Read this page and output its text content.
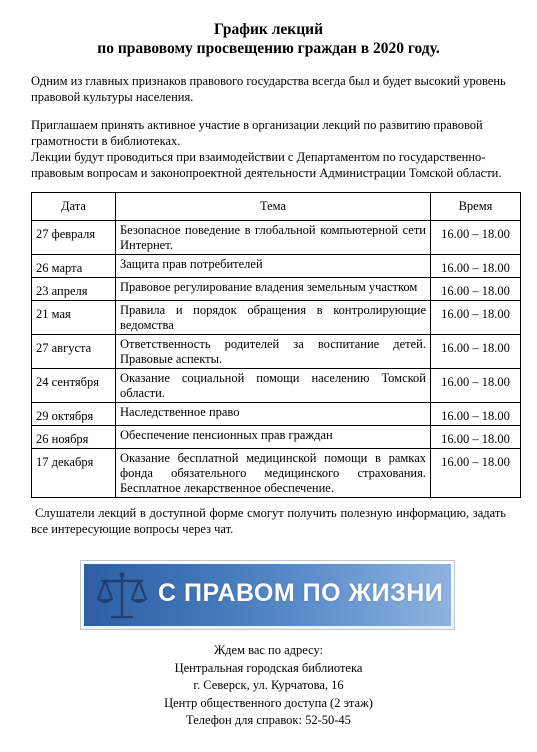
График лекций
по правовому просвещению граждан в 2020 году.
Одним из главных признаков правового государства всегда был и будет высокий уровень правовой культуры населения.
Приглашаем принять активное участие в организации лекций по развитию правовой грамотности в библиотеках.
Лекции будут проводиться при взаимодействии с Департаментом по государственно-правовым вопросам и законопроектной деятельности Администрации Томской области.
Дата	Тема	Время
27 февраля	Безопасное поведение в глобальной компьютерной сети Интернет.	16.00 – 18.00
26 марта	Защита прав потребителей	16.00 – 18.00
23 апреля	Правовое регулирование владения земельным участком	16.00 – 18.00
21 мая	Правила и порядок обращения в контролирующие ведомства	16.00 – 18.00
27 августа	Ответственность родителей за воспитание детей. Правовые аспекты.	16.00 – 18.00
24 сентября	Оказание социальной помощи населению Томской области.	16.00 – 18.00
29 октября	Наследственное право	16.00 – 18.00
26 ноября	Обеспечение пенсионных прав граждан	16.00 – 18.00
17 декабря	Оказание бесплатной медицинской помощи в рамках фонда обязательного медицинского страхования. Бесплатное лекарственное обеспечение.	16.00 – 18.00
Слушатели лекций в доступной форме смогут получить полезную информацию, задать все интересующие вопросы через чат.
С ПРАВОМ ПО ЖИЗНИ
Ждем вас по адресу:
Центральная городская библиотека
г. Северск, ул. Курчатова, 16
Центр общественного доступа (2 этаж)
Телефон для справок: 52-50-45
